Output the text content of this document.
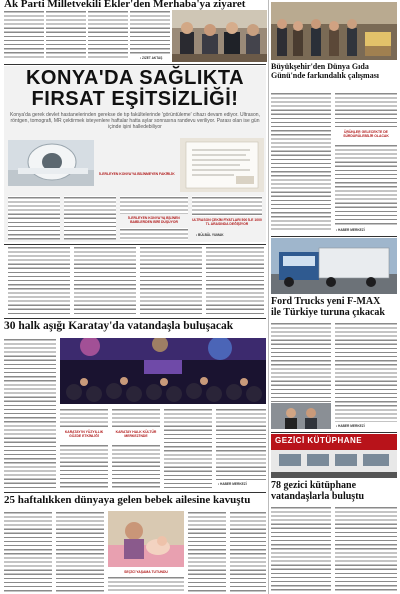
Ak Parti Milletvekili Ekler'den Merhaba'ya ziyaret
▪ ZIZET AKTAŞ
KONYA'DA SAĞLIKTA
FIRSAT EŞİTSİZLİĞİ!
Konya'da gerek devlet hastanelerinden gerekse de tıp fakültelerinde 'görüntüleme' cihazı devam ediyor. Ultrason, röntgen, tomografi, MR çektirmek isteyenlere haftalar hatta aylar sonrasına randevu veriliyor. Parası olan ise gün içinde işini halledebiliyor
İLERLEYEN KONYA'YA BİLİNMEYEN FAKİRLİK
İLERLEYEN KONYA'YA BİLİNEN BABİLERDEN BİRİ DÜŞÜYOR	ULTRASON ÇEKİM FİYATLARI 500 İLE 1000 TL ARASINDA DEĞİŞİYOR
▪ BÜLBÜL YUMAK
Büyükşehir'den Dünya Gıda Günü'nde farkındalık çalışması
ÜRÜNLER GELECEKTE DE SÜRDÜRÜLEBİLİR OLACAK
▪ HABER MERKEZİ
Ford Trucks yeni F-MAX
ile Türkiye turuna çıkacak
▪ HABER MERKEZİ
GEZİCİ KÜTÜPHANE
78 gezici kütüphane
vatandaşlarla buluştu
30 halk aşığı Karatay'da vatandaşla buluşacak
KARATAY'IN YÜZYILLIK GÖZDE ETKİNLİĞİ
KARATAY HALK KÜLTÜR MERKEZİ'NDE
▪ HABER MERKEZİ
25 haftalıkken dünyaya gelen bebek ailesine kavuştu
SEÇİCİ YAŞAMA TUTUNDU
